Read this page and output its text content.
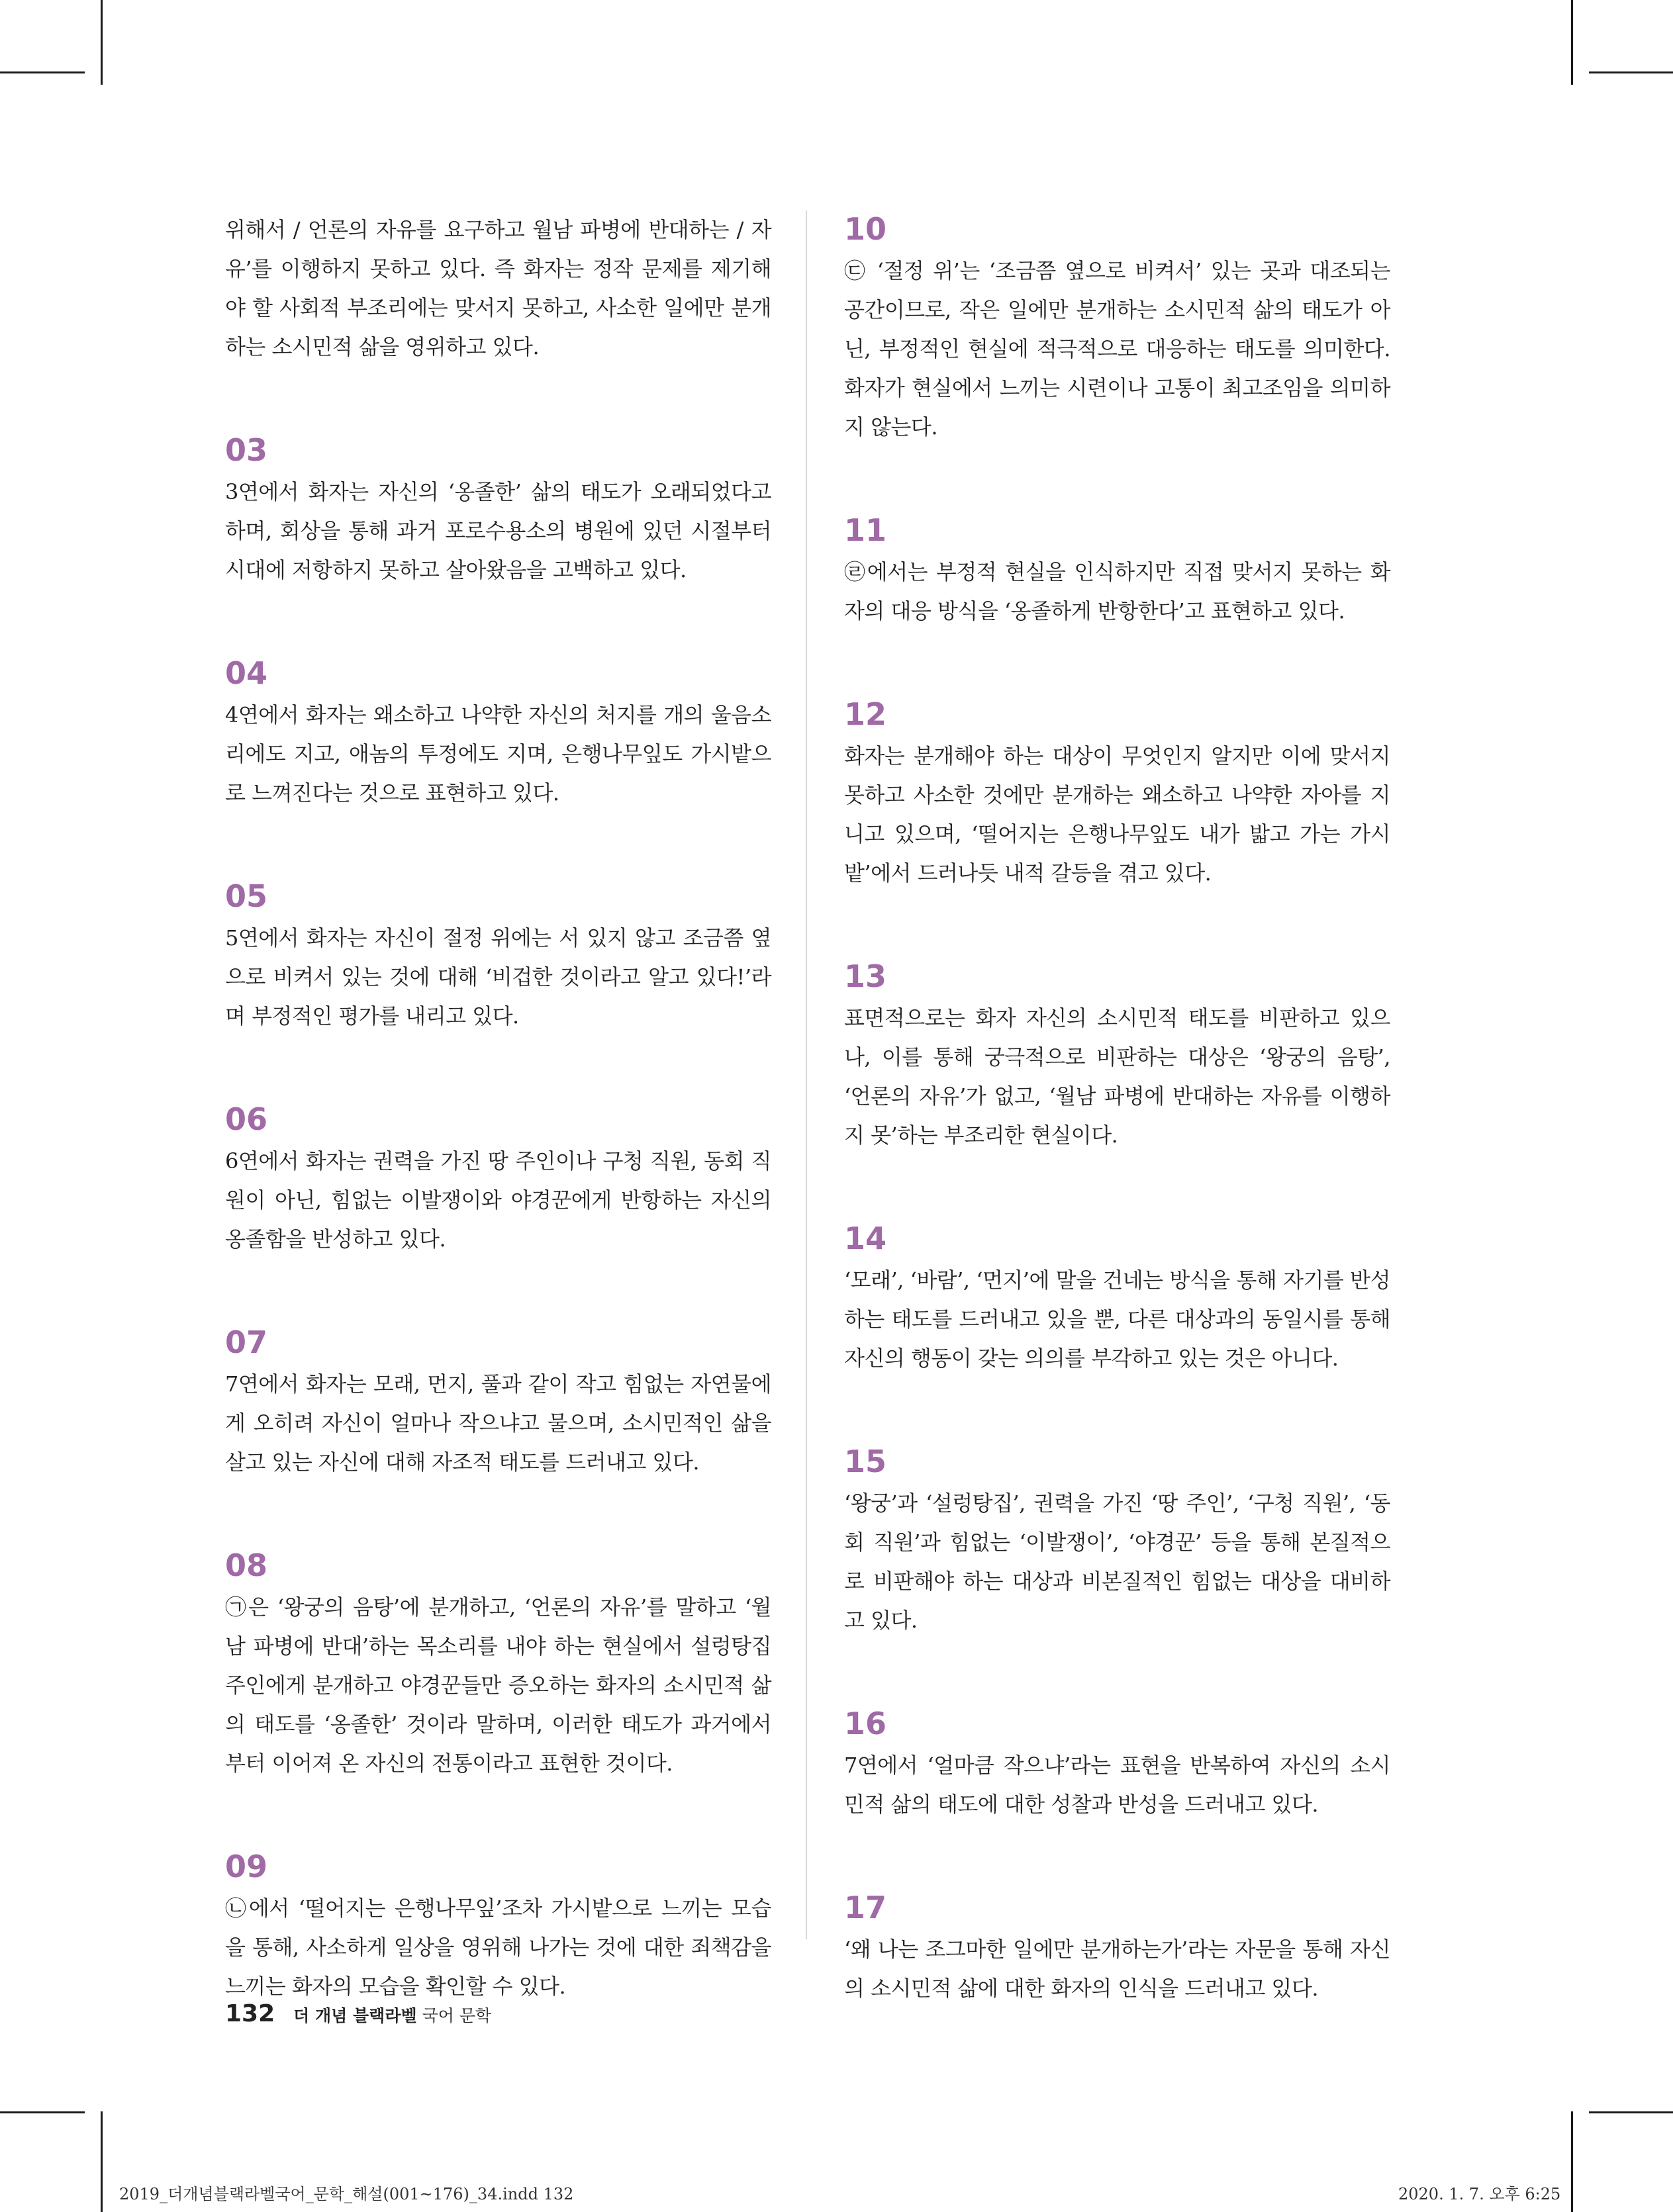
위해서 / 언론의 자유를 요구하고 월남 파병에 반대하는 / 자유’를 이행하지 못하고 있다. 즉 화자는 정작 문제를 제기해야 할 사회적 부조리에는 맞서지 못하고, 사소한 일에만 분개하는 소시민적 삶을 영위하고 있다.

03

3연에서 화자는 자신의 ‘옹졸한’ 삶의 태도가 오래되었다고 하며, 회상을 통해 과거 포로수용소의 병원에 있던 시절부터 시대에 저항하지 못하고 살아왔음을 고백하고 있다.

04

4연에서 화자는 왜소하고 나약한 자신의 처지를 개의 울음소리에도 지고, 애놈의 투정에도 지며, 은행나무잎도 가시밭으로 느껴진다는 것으로 표현하고 있다.

05

5연에서 화자는 자신이 절정 위에는 서 있지 않고 조금쯤 옆으로 비켜서 있는 것에 대해 ‘비겁한 것이라고 알고 있다!’라며 부정적인 평가를 내리고 있다.

06

6연에서 화자는 권력을 가진 땅 주인이나 구청 직원, 동회 직원이 아닌, 힘없는 이발쟁이와 야경꾼에게 반항하는 자신의 옹졸함을 반성하고 있다.

07

7연에서 화자는 모래, 먼지, 풀과 같이 작고 힘없는 자연물에게 오히려 자신이 얼마나 작으냐고 물으며, 소시민적인 삶을 살고 있는 자신에 대해 자조적 태도를 드러내고 있다.

08

㉠은 ‘왕궁의 음탕’에 분개하고, ‘언론의 자유’를 말하고 ‘월남 파병에 반대’하는 목소리를 내야 하는 현실에서 설렁탕집 주인에게 분개하고 야경꾼들만 증오하는 화자의 소시민적 삶의 태도를 ‘옹졸한’ 것이라 말하며, 이러한 태도가 과거에서부터 이어져 온 자신의 전통이라고 표현한 것이다.

09

㉡에서 ‘떨어지는 은행나무잎’조차 가시밭으로 느끼는 모습을 통해, 사소하게 일상을 영위해 나가는 것에 대한 죄책감을 느끼는 화자의 모습을 확인할 수 있다.

10

㉢ ‘절정 위’는 ‘조금쯤 옆으로 비켜서’ 있는 곳과 대조되는 공간이므로, 작은 일에만 분개하는 소시민적 삶의 태도가 아닌, 부정적인 현실에 적극적으로 대응하는 태도를 의미한다. 화자가 현실에서 느끼는 시련이나 고통이 최고조임을 의미하지 않는다.

11

㉣에서는 부정적 현실을 인식하지만 직접 맞서지 못하는 화자의 대응 방식을 ‘옹졸하게 반항한다’고 표현하고 있다.

12

화자는 분개해야 하는 대상이 무엇인지 알지만 이에 맞서지 못하고 사소한 것에만 분개하는 왜소하고 나약한 자아를 지니고 있으며, ‘떨어지는 은행나무잎도 내가 밟고 가는 가시밭’에서 드러나듯 내적 갈등을 겪고 있다.

13

표면적으로는 화자 자신의 소시민적 태도를 비판하고 있으나, 이를 통해 궁극적으로 비판하는 대상은 ‘왕궁의 음탕’, ‘언론의 자유’가 없고, ‘월남 파병에 반대하는 자유를 이행하지 못’하는 부조리한 현실이다.

14

‘모래’, ‘바람’, ‘먼지’에 말을 건네는 방식을 통해 자기를 반성하는 태도를 드러내고 있을 뿐, 다른 대상과의 동일시를 통해 자신의 행동이 갖는 의의를 부각하고 있는 것은 아니다.

15

‘왕궁’과 ‘설렁탕집’, 권력을 가진 ‘땅 주인’, ‘구청 직원’, ‘동회 직원’과 힘없는 ‘이발쟁이’, ‘야경꾼’ 등을 통해 본질적으로 비판해야 하는 대상과 비본질적인 힘없는 대상을 대비하고 있다.

16

7연에서 ‘얼마큼 작으냐’라는 표현을 반복하여 자신의 소시민적 삶의 태도에 대한 성찰과 반성을 드러내고 있다.

17

‘왜 나는 조그마한 일에만 분개하는가’라는 자문을 통해 자신의 소시민적 삶에 대한 화자의 인식을 드러내고 있다.

132 더 개념 블랙라벨 국어 문학
2019_더개념블랙라벨국어_문학_해설(001~176)_34.indd 132	2020. 1. 7. 오후 6:25
